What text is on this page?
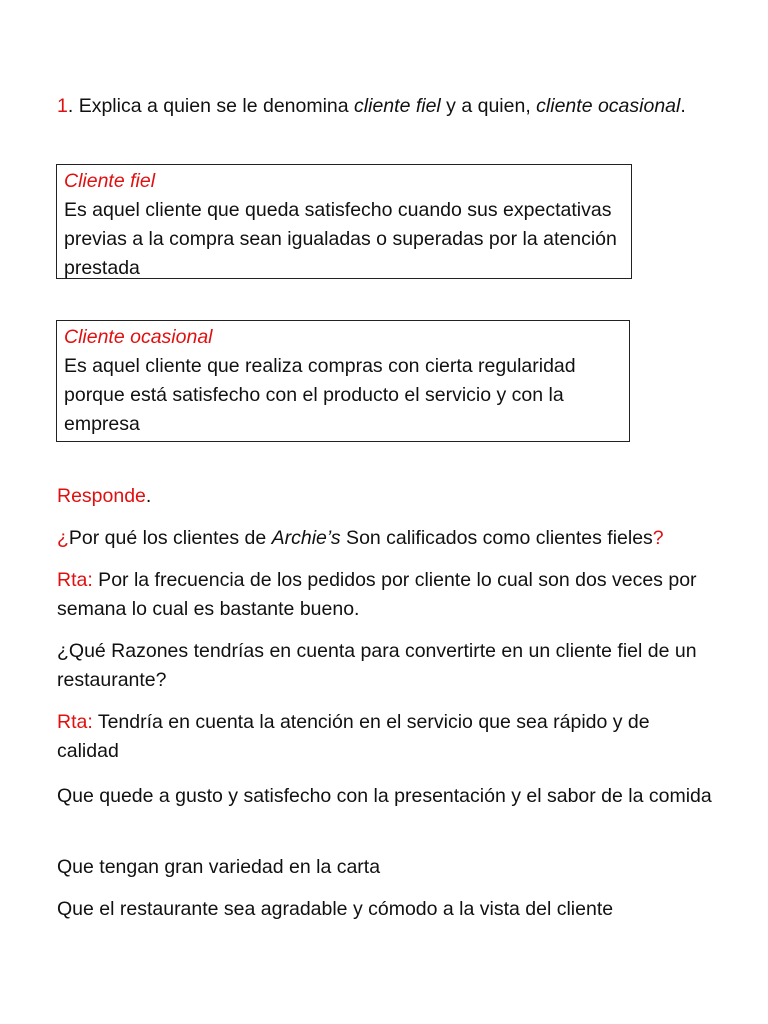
1. Explica a quien se le denomina cliente fiel y a quien, cliente ocasional.
Cliente fiel
Es aquel cliente que queda satisfecho cuando sus expectativas previas a la compra sean igualadas o superadas por la atención prestada
Cliente ocasional
Es aquel cliente que realiza compras con cierta regularidad porque está satisfecho con el producto el servicio y con la empresa
Responde.
¿Por qué los clientes de Archie’s Son calificados como clientes fieles?
Rta: Por la frecuencia de los pedidos por cliente lo cual son dos veces por semana lo cual es bastante bueno.
¿Qué Razones tendrías en cuenta para convertirte en un cliente fiel de un restaurante?
Rta: Tendría en cuenta la atención en el servicio que sea rápido y de calidad
Que quede a gusto y satisfecho con la presentación y el sabor de la comida
Que tengan gran variedad en la carta
Que el restaurante sea agradable y cómodo a la vista del cliente
